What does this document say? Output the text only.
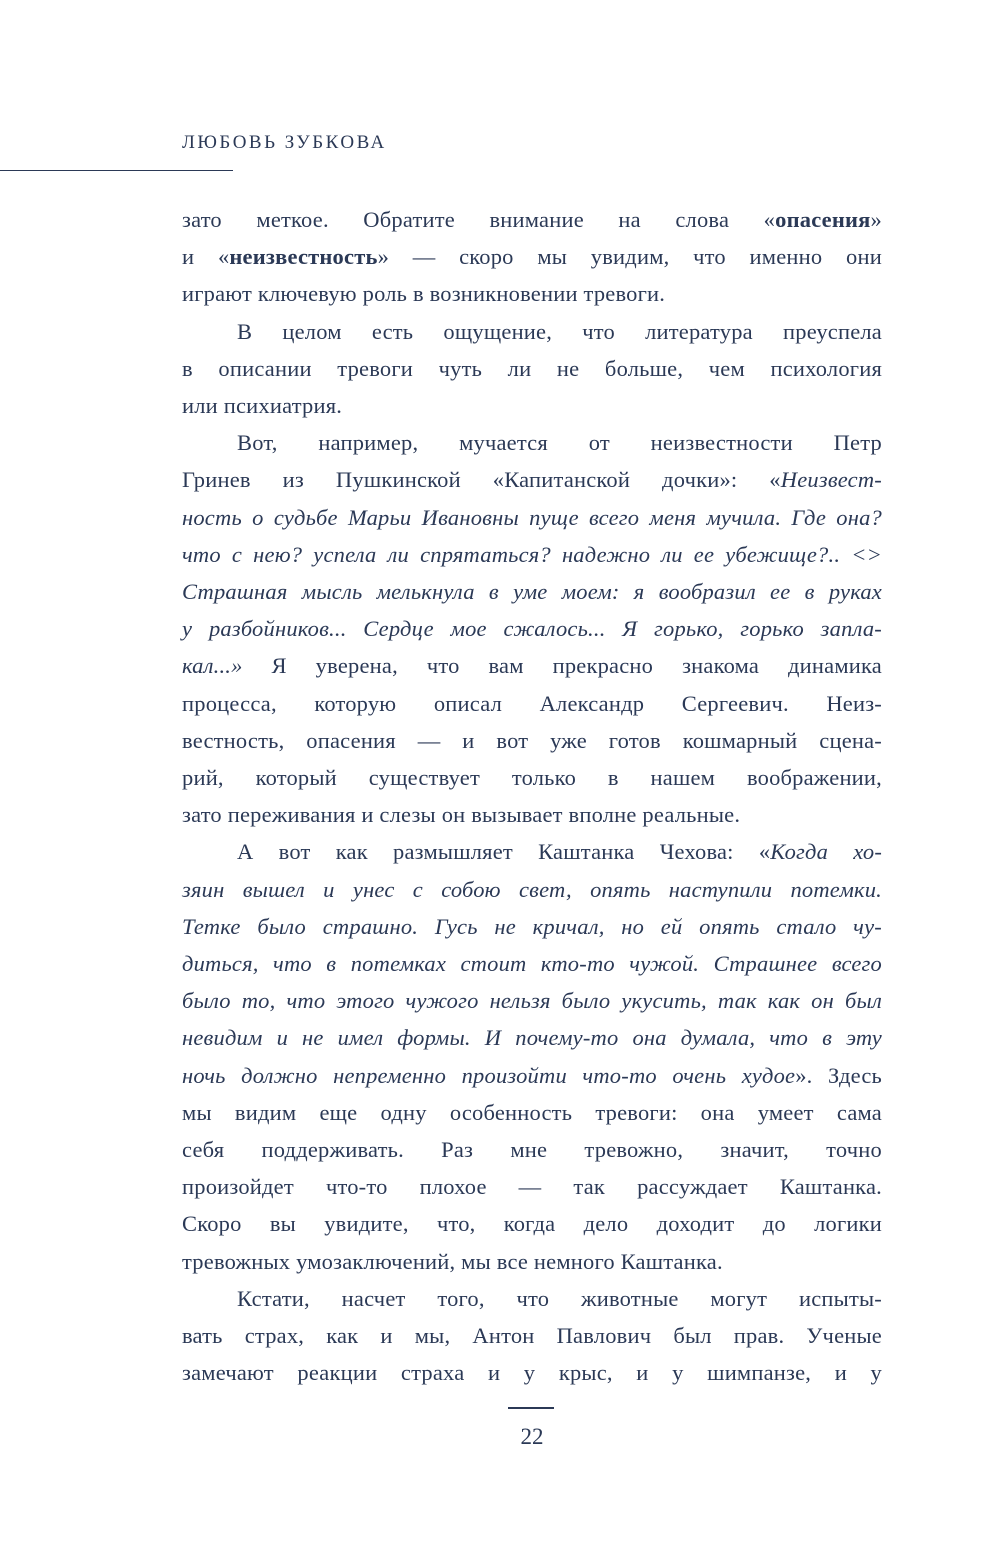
ЛЮБОВЬ ЗУБКОВА
зато меткое. Обратите внимание на слова «опасения»
и «неизвестность» — скоро мы увидим, что именно они
играют ключевую роль в возникновении тревоги.
В целом есть ощущение, что литература преуспела
в описании тревоги чуть ли не больше, чем психология
или психиатрия.
Вот, например, мучается от неизвестности Петр
Гринев из Пушкинской «Капитанской дочки»: «Неизвест-
ность о судьбе Марьи Ивановны пуще всего меня мучила. Где она?
что с нею? успела ли спрятаться? надежно ли ее убежище?.. <>
Страшная мысль мелькнула в уме моем: я вообразил ее в руках
у разбойников... Сердце мое сжалось... Я горько, горько запла-
кал...» Я уверена, что вам прекрасно знакома динамика
процесса, которую описал Александр Сергеевич. Неиз-
вестность, опасения — и вот уже готов кошмарный сцена-
рий, который существует только в нашем воображении,
зато переживания и слезы он вызывает вполне реальные.
А вот как размышляет Каштанка Чехова: «Когда хо-
зяин вышел и унес с собою свет, опять наступили потемки.
Тетке было страшно. Гусь не кричал, но ей опять стало чу-
диться, что в потемках стоит кто-то чужой. Страшнее всего
было то, что этого чужого нельзя было укусить, так как он был
невидим и не имел формы. И почему-то она думала, что в эту
ночь должно непременно произойти что-то очень худое». Здесь
мы видим еще одну особенность тревоги: она умеет сама
себя поддерживать. Раз мне тревожно, значит, точно
произойдет что-то плохое — так рассуждает Каштанка.
Скоро вы увидите, что, когда дело доходит до логики
тревожных умозаключений, мы все немного Каштанка.
Кстати, насчет того, что животные могут испыты-
вать страх, как и мы, Антон Павлович был прав. Ученые
замечают реакции страха и у крыс, и у шимпанзе, и у
22
